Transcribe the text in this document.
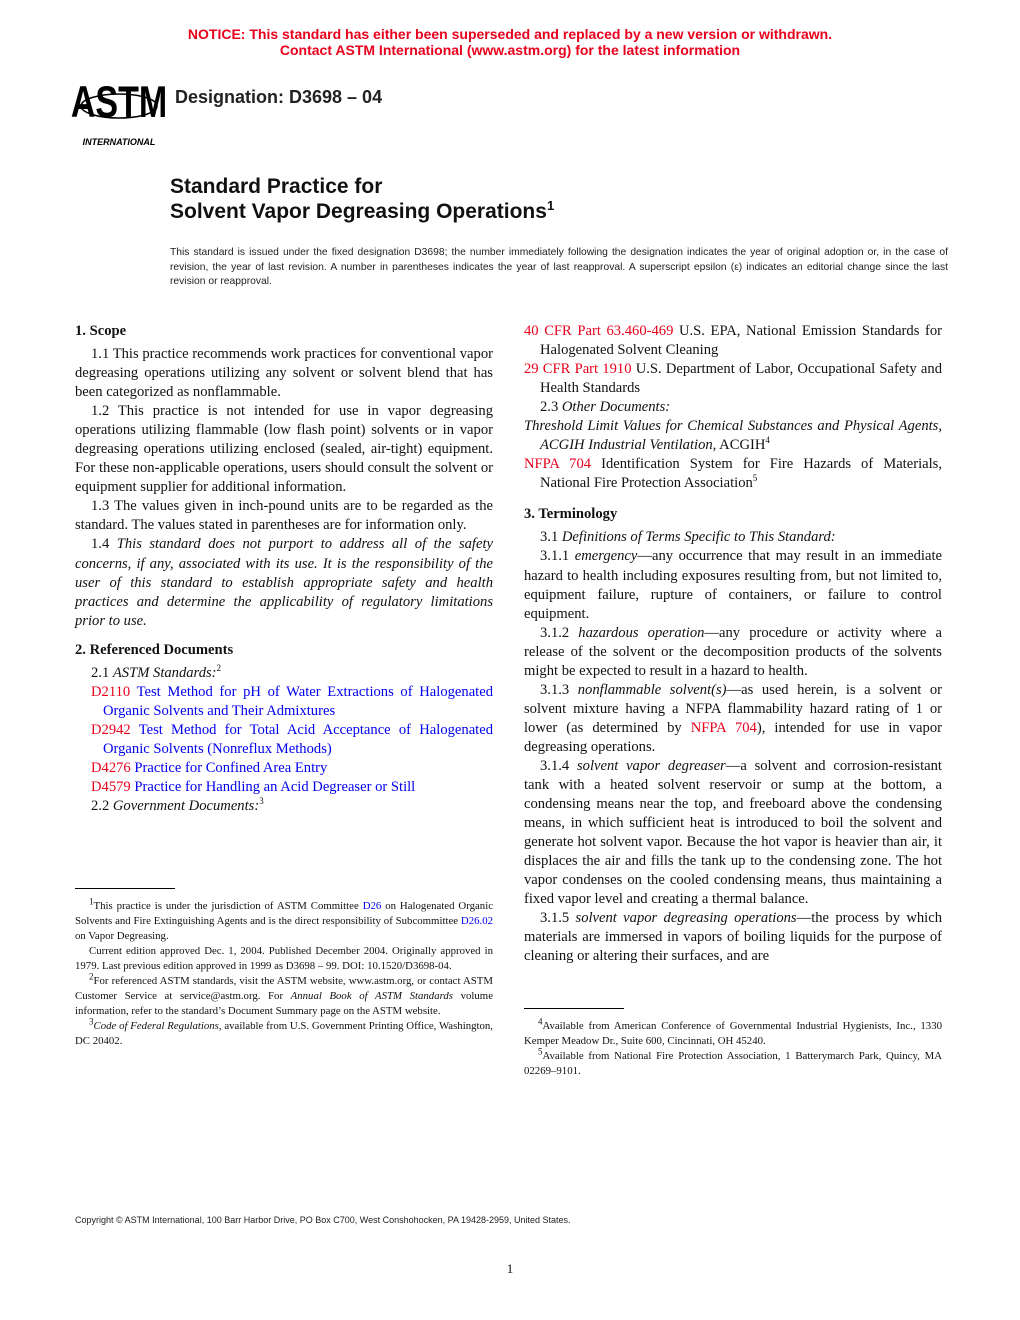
NOTICE: This standard has either been superseded and replaced by a new version or withdrawn.
Contact ASTM International (www.astm.org) for the latest information
ASTM
INTERNATIONAL
Designation: D3698 – 04
Standard Practice for
Solvent Vapor Degreasing Operations$^1$
This standard is issued under the fixed designation D3698; the number immediately following the designation indicates the year of original adoption or, in the case of revision, the year of last revision. A number in parentheses indicates the year of last reapproval. A superscript epsilon (ε) indicates an editorial change since the last revision or reapproval.
1. Scope

1.1 This practice recommends work practices for conventional vapor degreasing operations utilizing any solvent or solvent blend that has been categorized as nonflammable.

1.2 This practice is not intended for use in vapor degreasing operations utilizing flammable (low flash point) solvents or in vapor degreasing operations utilizing enclosed (sealed, air-tight) equipment. For these non-applicable operations, users should consult the solvent or equipment supplier for additional information.

1.3 The values given in inch-pound units are to be regarded as the standard. The values stated in parentheses are for information only.

1.4 This standard does not purport to address all of the safety concerns, if any, associated with its use. It is the responsibility of the user of this standard to establish appropriate safety and health practices and determine the applicability of regulatory limitations prior to use.

2. Referenced Documents

2.1 ASTM Standards:$^2$

D2110 Test Method for pH of Water Extractions of Halogenated Organic Solvents and Their Admixtures

D2942 Test Method for Total Acid Acceptance of Halogenated Organic Solvents (Nonreflux Methods)

D4276 Practice for Confined Area Entry

D4579 Practice for Handling an Acid Degreaser or Still

2.2 Government Documents:$^3$

$^1$This practice is under the jurisdiction of ASTM Committee D26 on Halogenated Organic Solvents and Fire Extinguishing Agents and is the direct responsibility of Subcommittee D26.02 on Vapor Degreasing.

Current edition approved Dec. 1, 2004. Published December 2004. Originally approved in 1979. Last previous edition approved in 1999 as D3698 – 99. DOI: 10.1520/D3698-04.

$^2$For referenced ASTM standards, visit the ASTM website, www.astm.org, or contact ASTM Customer Service at service@astm.org. For Annual Book of ASTM Standards volume information, refer to the standard’s Document Summary page on the ASTM website.

$^3$Code of Federal Regulations, available from U.S. Government Printing Office, Washington, DC 20402.

40 CFR Part 63.460-469 U.S. EPA, National Emission Standards for Halogenated Solvent Cleaning

29 CFR Part 1910 U.S. Department of Labor, Occupational Safety and Health Standards

2.3 Other Documents:

Threshold Limit Values for Chemical Substances and Physical Agents, ACGIH Industrial Ventilation, ACGIH$^4$

NFPA 704 Identification System for Fire Hazards of Materials, National Fire Protection Association$^5$

3. Terminology

3.1 Definitions of Terms Specific to This Standard:

3.1.1 emergency—any occurrence that may result in an immediate hazard to health including exposures resulting from, but not limited to, equipment failure, rupture of containers, or failure to control equipment.

3.1.2 hazardous operation—any procedure or activity where a release of the solvent or the decomposition products of the solvents might be expected to result in a hazard to health.

3.1.3 nonflammable solvent(s)—as used herein, is a solvent or solvent mixture having a NFPA flammability hazard rating of 1 or lower (as determined by NFPA 704), intended for use in vapor degreasing operations.

3.1.4 solvent vapor degreaser—a solvent and corrosion-resistant tank with a heated solvent reservoir or sump at the bottom, a condensing means near the top, and freeboard above the condensing means, in which sufficient heat is introduced to boil the solvent and generate hot solvent vapor. Because the hot vapor is heavier than air, it displaces the air and fills the tank up to the condensing zone. The hot vapor condenses on the cooled condensing means, thus maintaining a fixed vapor level and creating a thermal balance.

3.1.5 solvent vapor degreasing operations—the process by which materials are immersed in vapors of boiling liquids for the purpose of cleaning or altering their surfaces, and are

$^4$Available from American Conference of Governmental Industrial Hygienists, Inc., 1330 Kemper Meadow Dr., Suite 600, Cincinnati, OH 45240.

$^5$Available from National Fire Protection Association, 1 Batterymarch Park, Quincy, MA 02269–9101.

Copyright © ASTM International, 100 Barr Harbor Drive, PO Box C700, West Conshohocken, PA 19428-2959, United States.
1
